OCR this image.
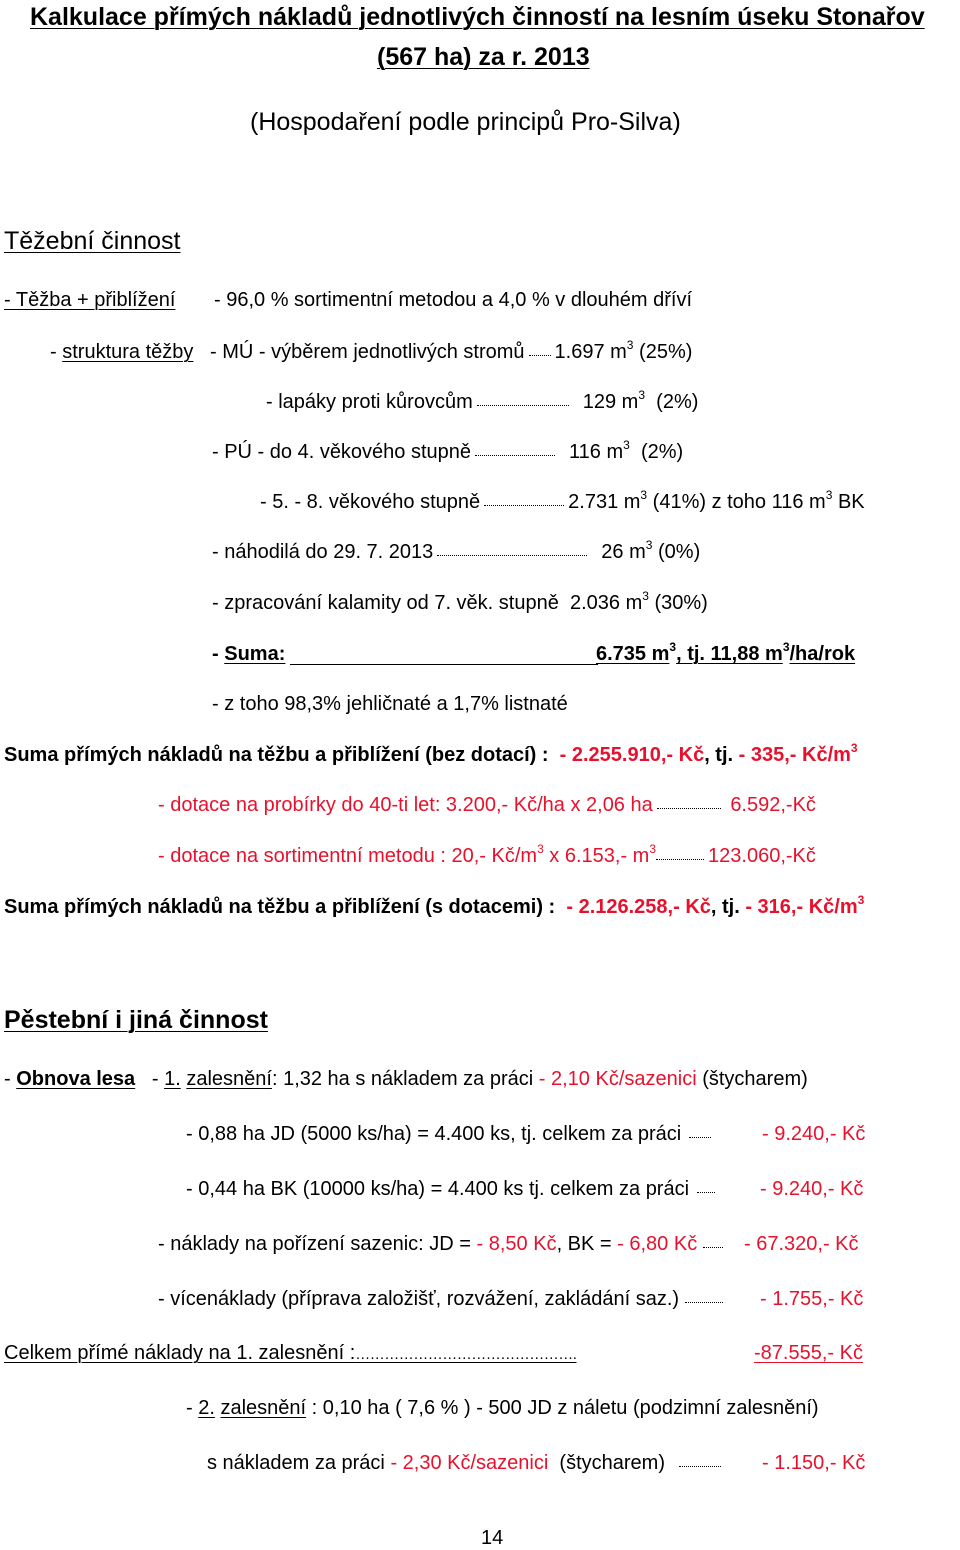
Kalkulace přímých nákladů jednotlivých činností na lesním úseku Stonařov
(567 ha) za r. 2013
(Hospodaření podle principů Pro-Silva)
Těžební činnost
- Těžba + přiblížení - 96,0 % sortimentní metodou a 4,0 % v dlouhém dříví
- struktura těžby - MÚ - výběrem jednotlivých stromů 1.697 $m^3$ (25%)
- lapáky proti kůrovcům	129 $m^3$ (2%)
- PÚ - do 4. věkového stupně	116 $m^3$ (2%)
- 5. - 8. věkového stupně	2.731 $m^3$ (41%) z toho 116 $m^3$ BK
- náhodilá do 29. 7. 2013	26 $m^3$ (0%)
- zpracování kalamity od 7. věk. stupně 2.036 $m^3$ (30%)
- Suma:	6.735 $m^3$, tj. 11,88 $m^3/ha$/rok
- z toho 98,3% jehličnaté a 1,7% listnaté
Suma přímých nákladů na těžbu a přiblížení (bez dotací) : - 2.255.910,- Kč, tj. - 335,- $Kč/m^3$
- dotace na probírky do 40-ti let: 3.200,- Kč/ha x 2,06 ha	6.592,-Kč
- dotace na sortimentní metodu : 20,- $Kč/m^3$ x 6.153,- $m^3$	123.060,-Kč
Suma přímých nákladů na těžbu a přiblížení (s dotacemi) : - 2.126.258,- Kč, tj. - 316,- $Kč/m^3$
Pěstební i jiná činnost
- Obnova lesa - 1. zalesnění: 1,32 ha s nákladem za práci - 2,10 Kč/sazenici (štycharem)
- 0,88 ha JD (5000 ks/ha) = 4.400 ks, tj. celkem za práci	- 9.240,- Kč
- 0,44 ha BK (10000 ks/ha) = 4.400 ks tj. celkem za práci	- 9.240,- Kč
- náklady na pořízení sazenic: JD = - 8,50 Kč, BK = - 6,80 Kč	- 67.320,- Kč
- vícenáklady (příprava založišť, rozvážení, zakládání saz.)	- 1.755,- Kč
Celkem přímé náklady na 1. zalesnění :……………………………………….	-87.555,- Kč
- 2. zalesnění : 0,10 ha ( 7,6 % ) - 500 JD z náletu (podzimní zalesnění)
s nákladem za práci - 2,30 Kč/sazenici (štycharem)	- 1.150,- Kč
14
